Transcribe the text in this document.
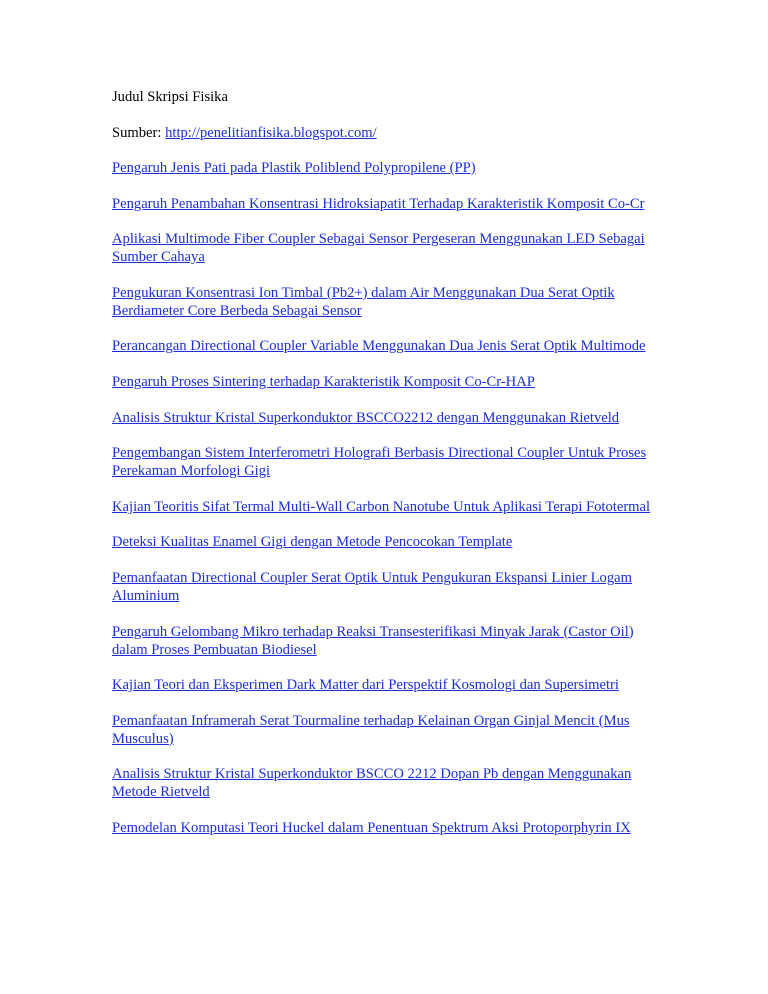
Judul Skripsi Fisika
Sumber: http://penelitianfisika.blogspot.com/
Pengaruh Jenis Pati pada Plastik Poliblend Polypropilene (PP)
Pengaruh Penambahan Konsentrasi Hidroksiapatit Terhadap Karakteristik Komposit Co-Cr
Aplikasi Multimode Fiber Coupler Sebagai Sensor Pergeseran Menggunakan LED Sebagai Sumber Cahaya
Pengukuran Konsentrasi Ion Timbal (Pb2+) dalam Air Menggunakan Dua Serat Optik Berdiameter Core Berbeda Sebagai Sensor
Perancangan Directional Coupler Variable Menggunakan Dua Jenis Serat Optik Multimode
Pengaruh Proses Sintering terhadap Karakteristik Komposit Co-Cr-HAP
Analisis Struktur Kristal Superkonduktor BSCCO2212 dengan Menggunakan Rietveld
Pengembangan Sistem Interferometri Holografi Berbasis Directional Coupler Untuk Proses Perekaman Morfologi Gigi
Kajian Teoritis Sifat Termal Multi-Wall Carbon Nanotube Untuk Aplikasi Terapi Fototermal
Deteksi Kualitas Enamel Gigi dengan Metode Pencocokan Template
Pemanfaatan Directional Coupler Serat Optik Untuk Pengukuran Ekspansi Linier Logam Aluminium
Pengaruh Gelombang Mikro terhadap Reaksi Transesterifikasi Minyak Jarak (Castor Oil) dalam Proses Pembuatan Biodiesel
Kajian Teori dan Eksperimen Dark Matter dari Perspektif Kosmologi dan Supersimetri
Pemanfaatan Inframerah Serat Tourmaline terhadap Kelainan Organ Ginjal Mencit (Mus Musculus)
Analisis Struktur Kristal Superkonduktor BSCCO 2212 Dopan Pb dengan Menggunakan Metode Rietveld
Pemodelan Komputasi Teori Huckel dalam Penentuan Spektrum Aksi Protoporphyrin IX
